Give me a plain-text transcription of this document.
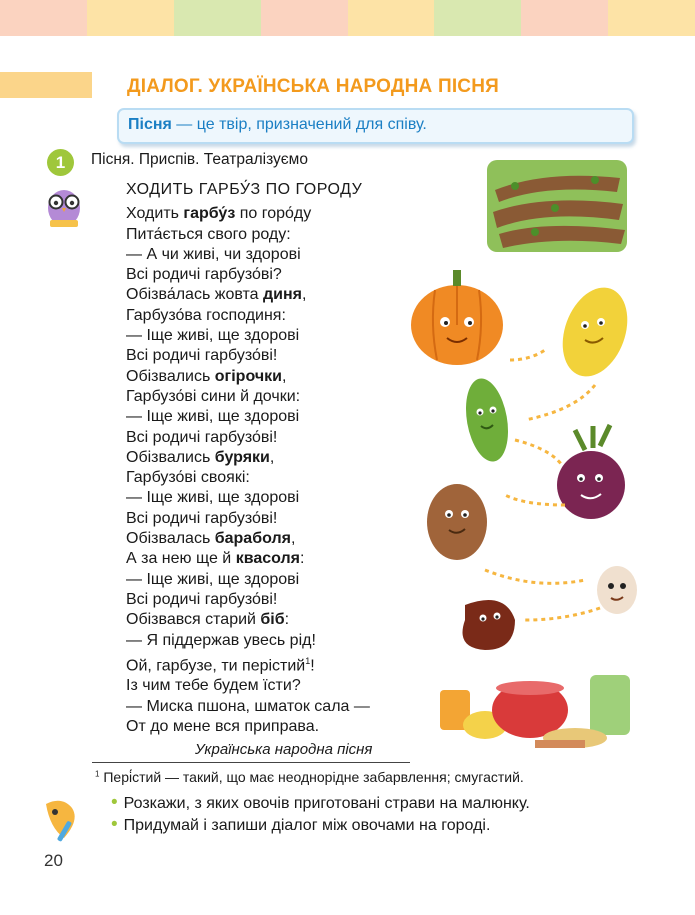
ДІАЛОГ. УКРАЇНСЬКА НАРОДНА ПІСНЯ
Пісня — це твір, призначений для співу.
1	Пісня. Приспів. Театралізуємо
ХОДИТЬ ГАРБУ́З ПО ГОРОДУ
Ходить гарбу́з по горо́ду
Пита́ється свого роду:
— А чи живі, чи здорові
Всі родичі гарбузо́ві?
Обізва́лась жовта диня,
Гарбузо́ва господиня:
— Іще живі, ще здорові
Всі родичі гарбузо́ві!
Обізвались огірочки,
Гарбузо́ві сини й дочки:
— Іще живі, ще здорові
Всі родичі гарбузо́ві!
Обізвались буряки,
Гарбузо́ві своякі:
— Іще живі, ще здорові
Всі родичі гарбузо́ві!
Обізвалась бараболя,
А за нею ще й квасоля:
— Іще живі, ще здорові
Всі родичі гарбузо́ві!
Обізвався старий біб:
— Я піддержав увесь рід!
Ой, гарбузе, ти перістий$^1$!
Із чим тебе будем їсти?
— Миска пшона, шматок сала —
От до мене вся приправа.
Українська народна пісня
$^1$ Пері́стий — такий, що має неоднорідне забарвлення; смугастий.
• Розкажи, з яких овочів приготовані страви на малюнку.
• Придумай і запиши діалог між овочами на городі.
20
